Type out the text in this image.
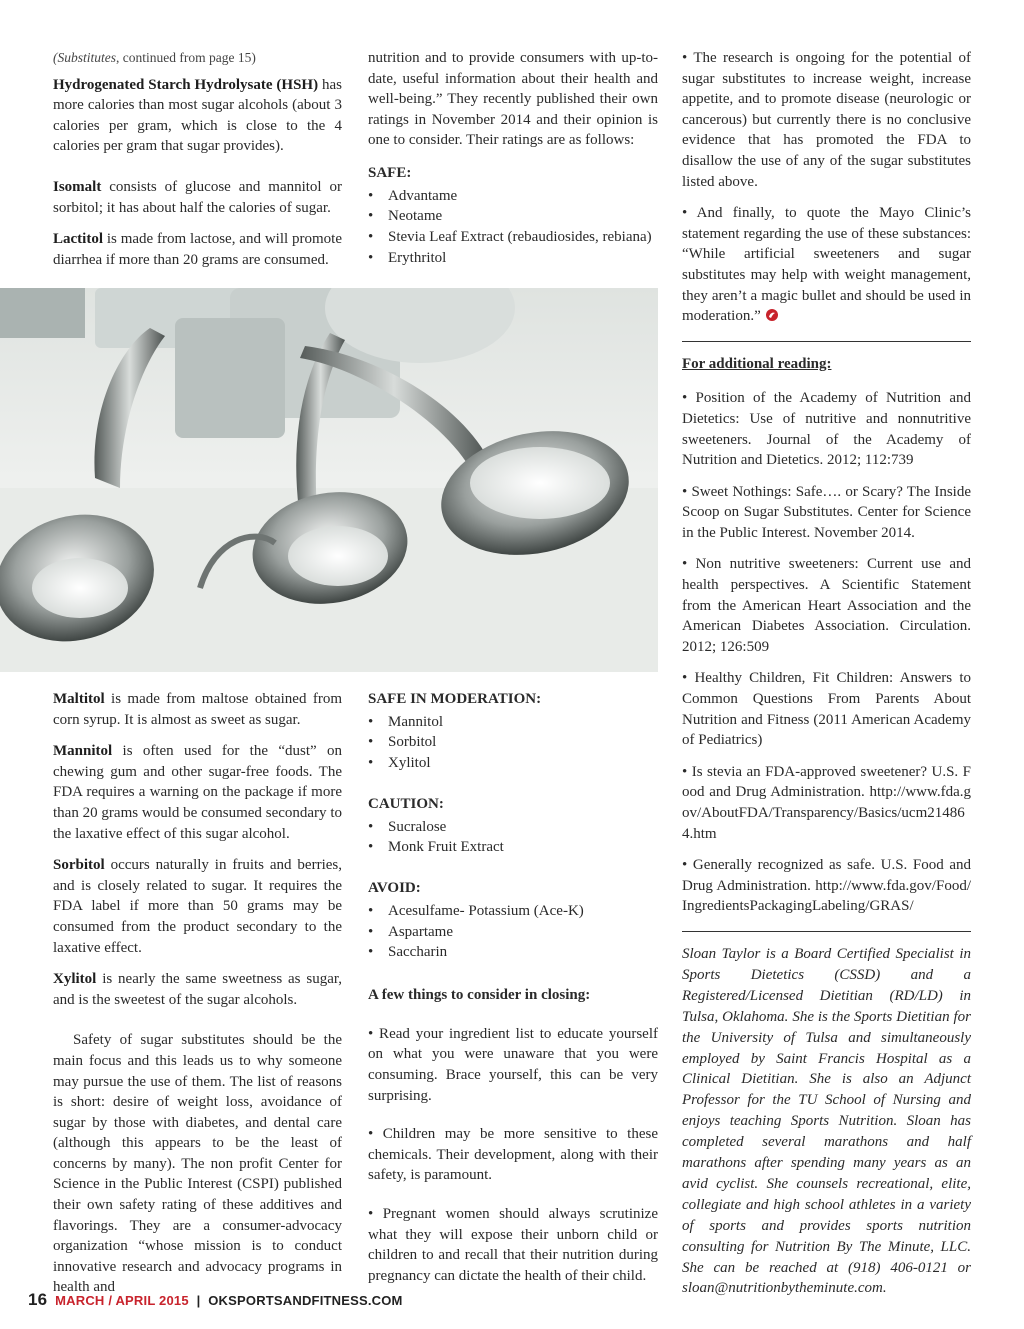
(Substitutes, continued from page 15)

Hydrogenated Starch Hydrolysate (HSH) has more calories than most sugar alcohols (about 3 calories per gram, which is close to the 4 calories per gram that sugar provides).

Isomalt consists of glucose and mannitol or sorbitol; it has about half the calories of sugar.

Lactitol is made from lactose, and will promote diarrhea if more than 20 grams are consumed.

nutrition and to provide consumers with up-to-date, useful information about their health and well-being.” They recently published their own ratings in November 2014 and their opinion is one to consider. Their ratings are as follows:

SAFE:

• Advantame
• Neotame
• Stevia Leaf Extract (rebaudiosides, rebiana)
• Erythritol

Maltitol is made from maltose obtained from corn syrup. It is almost as sweet as sugar.

Mannitol is often used for the “dust” on chewing gum and other sugar-free foods. The FDA requires a warning on the package if more than 20 grams would be consumed secondary to the laxative effect of this sugar alcohol.

Sorbitol occurs naturally in fruits and berries, and is closely related to sugar. It requires the FDA label if more than 50 grams may be consumed from the product secondary to the laxative effect.

Xylitol is nearly the same sweetness as sugar, and is the sweetest of the sugar alcohols.

Safety of sugar substitutes should be the main focus and this leads us to why someone may pursue the use of them. The list of reasons is short: desire of weight loss, avoidance of sugar by those with diabetes, and dental care (although this appears to be the least of concerns by many). The non profit Center for Science in the Public Interest (CSPI) published their own safety rating of these additives and flavorings. They are a consumer-advocacy organization “whose mission is to conduct innovative research and advocacy programs in health and

SAFE IN MODERATION:

• Mannitol
• Sorbitol
• Xylitol

CAUTION:

• Sucralose
• Monk Fruit Extract

AVOID:

• Acesulfame- Potassium (Ace-K)
• Aspartame
• Saccharin

A few things to consider in closing:

• Read your ingredient list to educate yourself on what you were unaware that you were consuming. Brace yourself, this can be very surprising.

• Children may be more sensitive to these chemicals. Their development, along with their safety, is paramount.

• Pregnant women should always scrutinize what they will expose their unborn child or children to and recall that their nutrition during pregnancy can dictate the health of their child.

• The research is ongoing for the potential of sugar substitutes to increase weight, increase appetite, and to promote disease (neurologic or cancerous) but currently there is no conclusive evidence that has promoted the FDA to disallow the use of any of the sugar substitutes listed above.

• And finally, to quote the Mayo Clinic’s statement regarding the use of these substances: “While artificial sweeteners and sugar substitutes may help with weight management, they aren’t a magic bullet and should be used in moderation.”

For additional reading:

• Position of the Academy of Nutrition and Dietetics: Use of nutritive and nonnutritive sweeteners. Journal of the Academy of Nutrition and Dietetics. 2012; 112:739

• Sweet Nothings: Safe…. or Scary? The Inside Scoop on Sugar Substitutes. Center for Science in the Public Interest. November 2014.

• Non nutritive sweeteners: Current use and health perspectives. A Scientific Statement from the American Heart Association and the American Diabetes Association. Circulation. 2012; 126:509

• Healthy Children, Fit Children: Answers to Common Questions From Parents About Nutrition and Fitness (2011 American Academy of Pediatrics)

• Is stevia an FDA-approved sweetener? U.S. Food and Drug Administration. http://www.fda.gov/AboutFDA/Transparency/Basics/ucm214864.htm

• Generally recognized as safe. U.S. Food and Drug Administration. http://www.fda.gov/Food/IngredientsPackagingLabeling/GRAS/

Sloan Taylor is a Board Certified Specialist in Sports Dietetics (CSSD) and a Registered/Licensed Dietitian (RD/LD) in Tulsa, Oklahoma. She is the Sports Dietitian for the University of Tulsa and simultaneously employed by Saint Francis Hospital as a Clinical Dietitian. She is also an Adjunct Professor for the TU School of Nursing and enjoys teaching Sports Nutrition. Sloan has completed several marathons and half marathons after spending many years as an avid cyclist. She counsels recreational, elite, collegiate and high school athletes in a variety of sports and provides sports nutrition consulting for Nutrition By The Minute, LLC. She can be reached at (918) 406-0121 or sloan@nutritionbytheminute.com.

16 MARCH / APRIL 2015 | OKSPORTSANDFITNESS.COM
